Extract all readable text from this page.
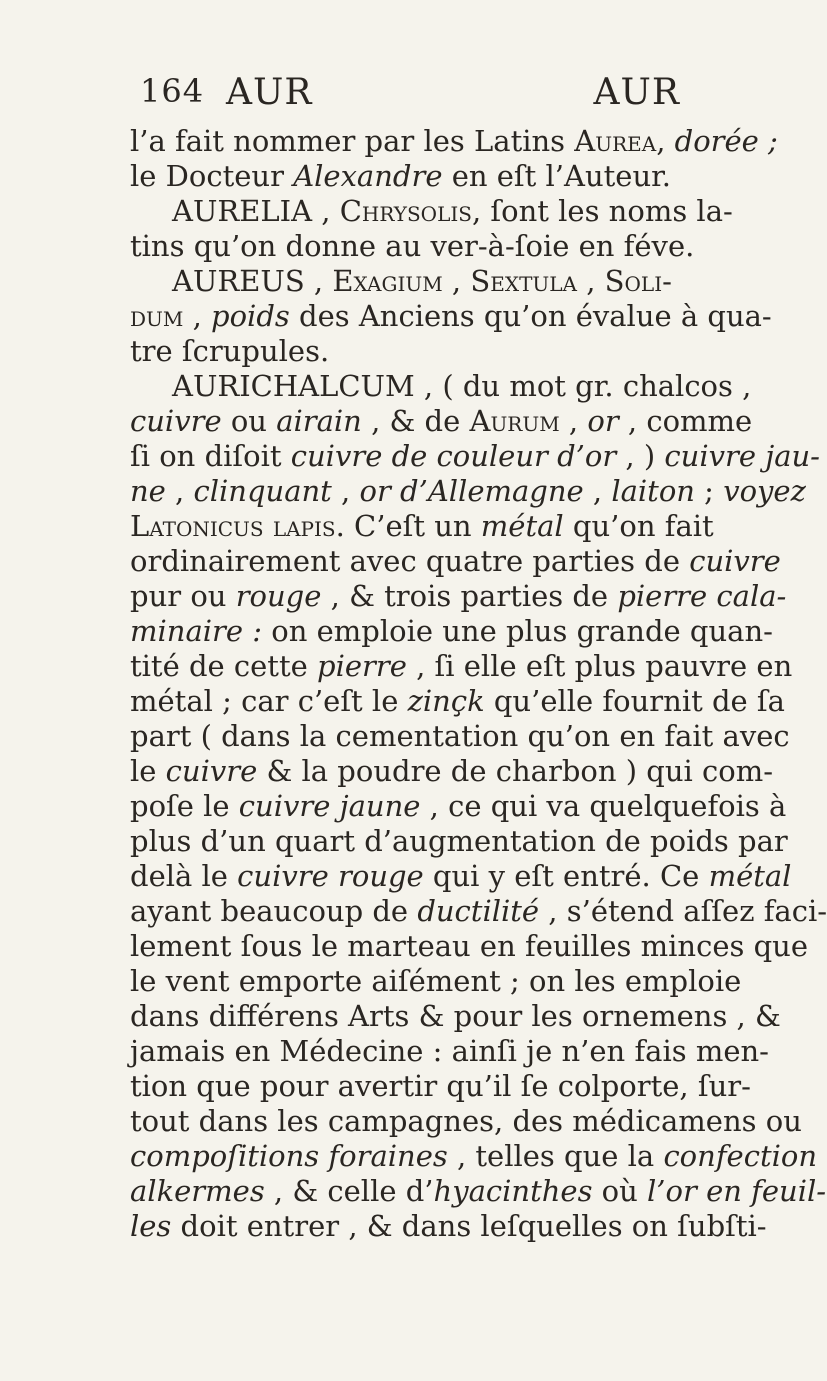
164 AUR	AUR
l’a fait nommer par les Latins Aurea, dorée ;
le Docteur Alexandre en eſt l’Auteur.
AURELIA , Chrysolis, ſont les noms la-
tins qu’on donne au ver-à-ſoie en féve.
AUREUS , Exagium , Sextula , Soli-
dum , poids des Anciens qu’on évalue à qua-
tre ſcrupules.
AURICHALCUM , ( du mot gr. chalcos ,
cuivre ou airain , & de Aurum , or , comme
ſi on diſoit cuivre de couleur d’or , ) cuivre jau-
ne , clinquant , or d’Allemagne , laiton ; voyez
Latonicus lapis. C’eſt un métal qu’on fait
ordinairement avec quatre parties de cuivre
pur ou rouge , & trois parties de pierre cala-
minaire : on emploie une plus grande quan-
tité de cette pierre , ſi elle eſt plus pauvre en
métal ; car c’eſt le zinçk qu’elle fournit de ſa
part ( dans la cementation qu’on en fait avec
le cuivre & la poudre de charbon ) qui com-
poſe le cuivre jaune , ce qui va quelquefois à
plus d’un quart d’augmentation de poids par
delà le cuivre rouge qui y eſt entré. Ce métal
ayant beaucoup de ductilité , s’étend aſſez faci-
lement ſous le marteau en feuilles minces que
le vent emporte aiſément ; on les emploie
dans différens Arts & pour les ornemens , &
jamais en Médecine : ainſi je n’en fais men-
tion que pour avertir qu’il ſe colporte, ſur-
tout dans les campagnes, des médicamens ou
compoſitions foraines , telles que la confection
alkermes , & celle d’hyacinthes où l’or en feuil-
les doit entrer , & dans leſquelles on ſubſti-
